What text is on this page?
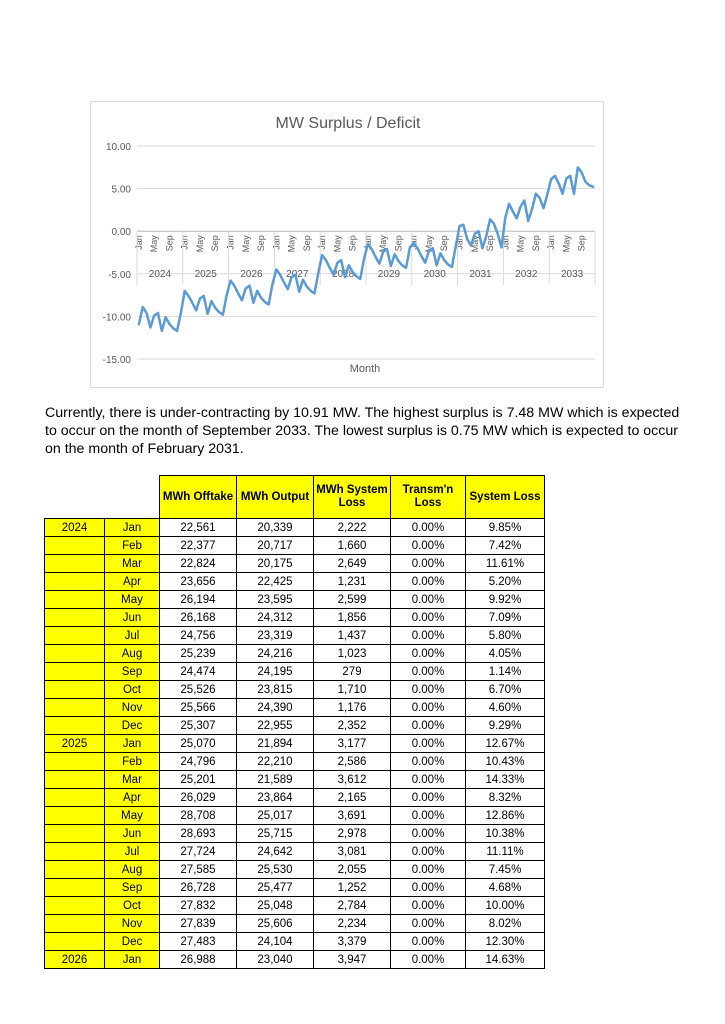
MW Surplus / Deficit
10.00
5.00
0.00
-5.00
-10.00
-15.00
Jan May Sep
2024
Jan May Sep
2025
Jan May Sep
2026
Jan May Sep
2027
Jan May Sep
2028
Jan May Sep
2029
Jan May Sep
2030
Jan May Sep
2031
Jan May Sep
2032
Jan May Sep
2033
Month
Currently, there is under-contracting by 10.91 MW. The highest surplus is 7.48 MW which is expected to occur on the month of September 2033. The lowest surplus is 0.75 MW which is expected to occur on the month of February 2031.
		MWh Offtake	MWh Output	MWh System Loss	Transm'n Loss	System Loss
2024	Jan	22,561	20,339	2,222	0.00%	9.85%
	Feb	22,377	20,717	1,660	0.00%	7.42%
	Mar	22,824	20,175	2,649	0.00%	11.61%
	Apr	23,656	22,425	1,231	0.00%	5.20%
	May	26,194	23,595	2,599	0.00%	9.92%
	Jun	26,168	24,312	1,856	0.00%	7.09%
	Jul	24,756	23,319	1,437	0.00%	5.80%
	Aug	25,239	24,216	1,023	0.00%	4.05%
	Sep	24,474	24,195	279	0.00%	1.14%
	Oct	25,526	23,815	1,710	0.00%	6.70%
	Nov	25,566	24,390	1,176	0.00%	4.60%
	Dec	25,307	22,955	2,352	0.00%	9.29%
2025	Jan	25,070	21,894	3,177	0.00%	12.67%
	Feb	24,796	22,210	2,586	0.00%	10.43%
	Mar	25,201	21,589	3,612	0.00%	14.33%
	Apr	26,029	23,864	2,165	0.00%	8.32%
	May	28,708	25,017	3,691	0.00%	12.86%
	Jun	28,693	25,715	2,978	0.00%	10.38%
	Jul	27,724	24,642	3,081	0.00%	11.11%
	Aug	27,585	25,530	2,055	0.00%	7.45%
	Sep	26,728	25,477	1,252	0.00%	4.68%
	Oct	27,832	25,048	2,784	0.00%	10.00%
	Nov	27,839	25,606	2,234	0.00%	8.02%
	Dec	27,483	24,104	3,379	0.00%	12.30%
2026	Jan	26,988	23,040	3,947	0.00%	14.63%
